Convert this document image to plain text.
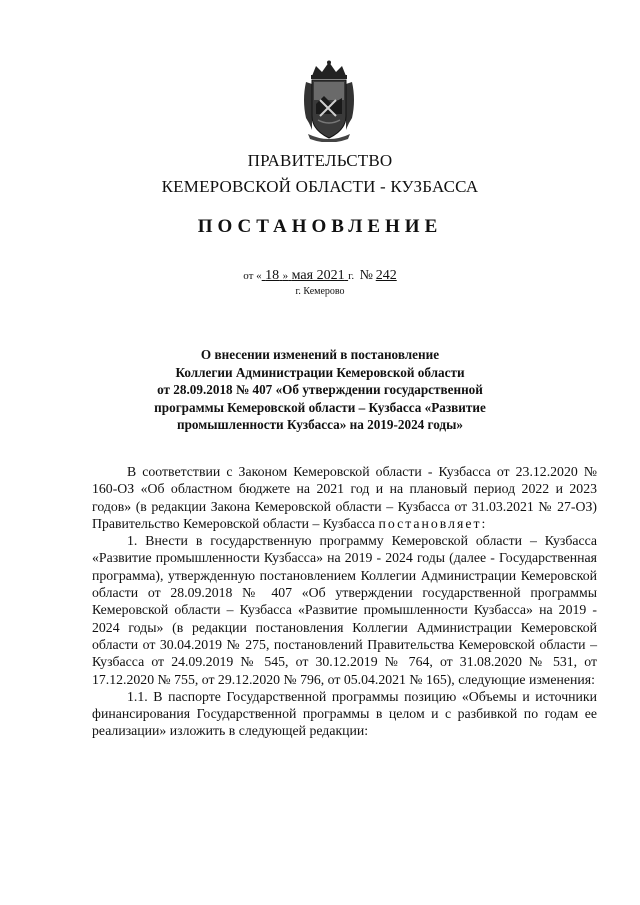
ПРАВИТЕЛЬСТВО
КЕМЕРОВСКОЙ ОБЛАСТИ - КУЗБАССА
ПОСТАНОВЛЕНИЕ
от « 18 » мая 2021 г. № 242
г. Кемерово
О внесении изменений в постановление
Коллегии Администрации Кемеровской области
от 28.09.2018 № 407 «Об утверждении государственной
программы Кемеровской области – Кузбасса «Развитие
промышленности Кузбасса» на 2019-2024 годы»

В соответствии с Законом Кемеровской области - Кузбасса от 23.12.2020 № 160-ОЗ «Об областном бюджете на 2021 год и на плановый период 2022 и 2023 годов» (в редакции Закона Кемеровской области – Кузбасса от 31.03.2021 № 27-ОЗ) Правительство Кемеровской области – Кузбасса постановляет:

1. Внести в государственную программу Кемеровской области – Кузбасса «Развитие промышленности Кузбасса» на 2019 - 2024 годы (далее - Государственная программа), утвержденную постановлением Коллегии Администрации Кемеровской области от 28.09.2018 № 407 «Об утверждении государственной программы Кемеровской области – Кузбасса «Развитие промышленности Кузбасса» на 2019 - 2024 годы» (в редакции постановления Коллегии Администрации Кемеровской области от 30.04.2019 № 275, постановлений Правительства Кемеровской области – Кузбасса от 24.09.2019 № 545, от 30.12.2019 № 764, от 31.08.2020 № 531, от 17.12.2020 № 755, от 29.12.2020 № 796, от 05.04.2021 № 165), следующие изменения:

1.1. В паспорте Государственной программы позицию «Объемы и источники финансирования Государственной программы в целом и с разбивкой по годам ее реализации» изложить в следующей редакции:
